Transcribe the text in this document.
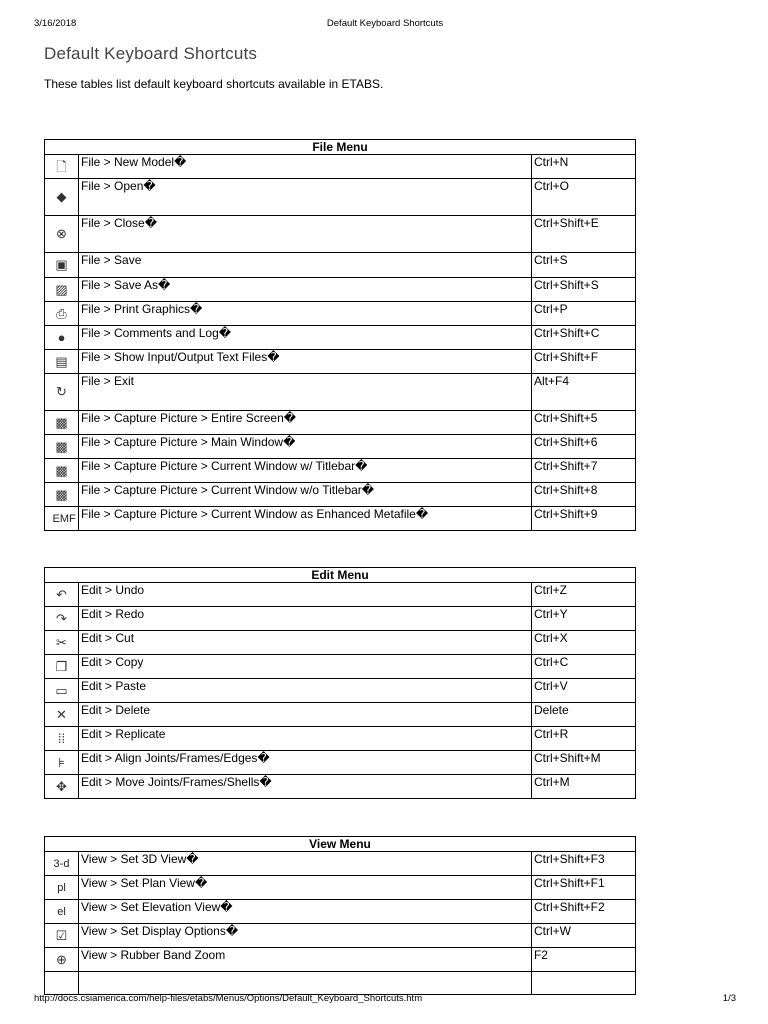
3/16/2018	Default Keyboard Shortcuts
Default Keyboard Shortcuts
These tables list default keyboard shortcuts available in ETABS.
File Menu		
🗋	File > New Model�	Ctrl+N
◆	File > Open�	Ctrl+O
⊗	File > Close�	Ctrl+Shift+E
▣	File > Save	Ctrl+S
▨	File > Save As�	Ctrl+Shift+S
⎙	File > Print Graphics�	Ctrl+P
●	File > Comments and Log�	Ctrl+Shift+C
▤	File > Show Input/Output Text Files�	Ctrl+Shift+F
↻	File > Exit	Alt+F4
▩	File > Capture Picture > Entire Screen�	Ctrl+Shift+5
▩	File > Capture Picture > Main Window�	Ctrl+Shift+6
▩	File > Capture Picture > Current Window w/ Titlebar�	Ctrl+Shift+7
▩	File > Capture Picture > Current Window w/o Titlebar�	Ctrl+Shift+8
EMF	File > Capture Picture > Current Window as Enhanced Metafile�	Ctrl+Shift+9
Edit Menu		
↶	Edit > Undo	Ctrl+Z
↷	Edit > Redo	Ctrl+Y
✂	Edit > Cut	Ctrl+X
❐	Edit > Copy	Ctrl+C
▭	Edit > Paste	Ctrl+V
✕	Edit > Delete	Delete
⁞⁞	Edit > Replicate	Ctrl+R
⊧	Edit > Align Joints/Frames/Edges�	Ctrl+Shift+M
✥	Edit > Move Joints/Frames/Shells�	Ctrl+M
View Menu		
3-d	View > Set 3D View�	Ctrl+Shift+F3
pl	View > Set Plan View�	Ctrl+Shift+F1
el	View > Set Elevation View�	Ctrl+Shift+F2
☑	View > Set Display Options�	Ctrl+W
⊕	View > Rubber Band Zoom	F2

http://docs.csiamerica.com/help-files/etabs/Menus/Options/Default_Keyboard_Shortcuts.htm	1/3
